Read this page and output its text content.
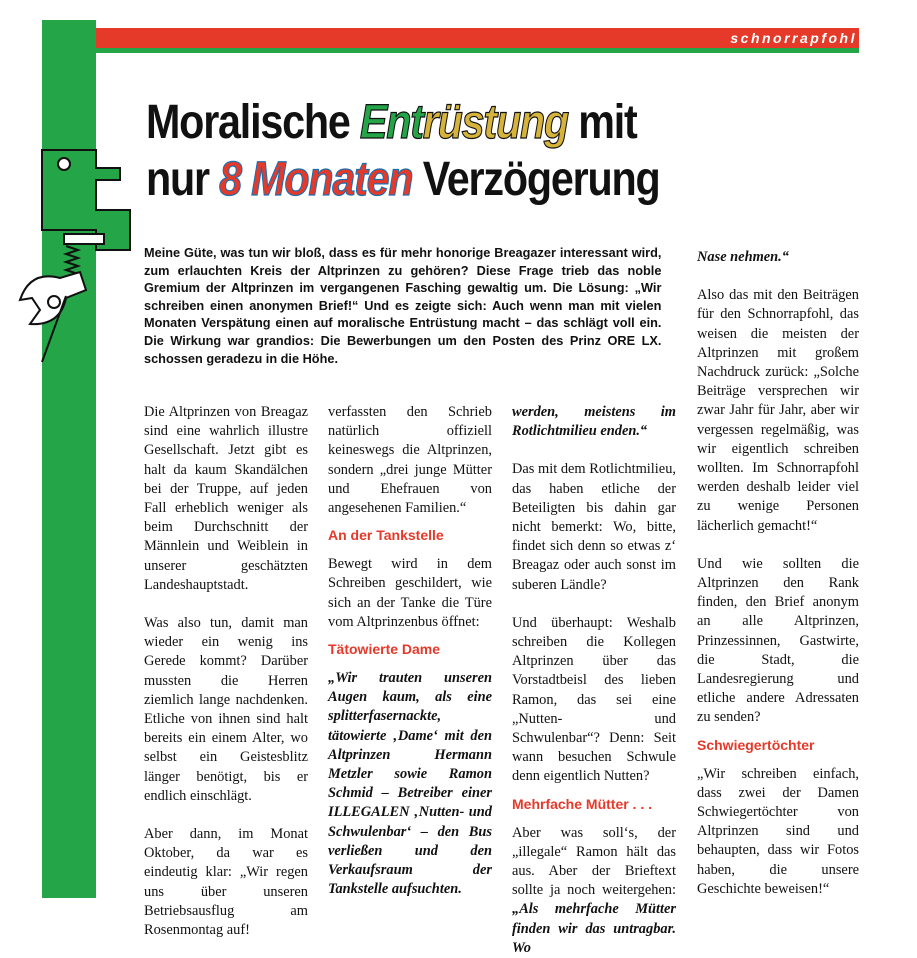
schnorrapfohl
Moralische Entrüstung mit
nur 8 Monaten Verzögerung

Meine Güte, was tun wir bloß, dass es für mehr honorige Breagazer interessant wird, zum erlauchten Kreis der Altprinzen zu gehören? Diese Frage trieb das noble Gremium der Altprinzen im vergangenen Fasching gewaltig um. Die Lösung: „Wir schreiben einen anonymen Brief!“ Und es zeigte sich: Auch wenn man mit vielen Monaten Verspätung einen auf moralische Entrüstung macht – das schlägt voll ein. Die Wirkung war grandios: Die Bewerbungen um den Posten des Prinz ORE LX. schossen geradezu in die Höhe.

Die Altprinzen von Breagaz sind eine wahrlich illustre Gesellschaft. Jetzt gibt es halt da kaum Skandälchen bei der Truppe, auf jeden Fall erheblich weniger als beim Durchschnitt der Männlein und Weiblein in unserer geschätzten Landeshauptstadt.

Was also tun, damit man wieder ein wenig ins Gerede kommt? Darüber mussten die Herren ziemlich lange nachdenken. Etliche von ihnen sind halt bereits ein einem Alter, wo selbst ein Geistesblitz länger benötigt, bis er endlich einschlägt.

Aber dann, im Monat Oktober, da war es eindeutig klar: „Wir regen uns über unseren Betriebsausflug am Rosenmontag auf!

verfassten den Schrieb natürlich offiziell keineswegs die Altprinzen, sondern „drei junge Mütter und Ehefrauen von angesehenen Familien.“

An der Tankstelle

Bewegt wird in dem Schreiben geschildert, wie sich an der Tanke die Türe vom Altprinzenbus öffnet:

Tätowierte Dame

„Wir trauten unseren Augen kaum, als eine splitterfasernackte, tätowierte ‚Dame‘ mit den Altprinzen Hermann Metzler sowie Ramon Schmid – Betreiber einer ILLEGALEN ‚Nutten- und Schwulenbar‘ – den Bus verließen und den Verkaufsraum der Tankstelle aufsuchten.

werden, meistens im Rotlichtmilieu enden.“

Das mit dem Rotlichtmilieu, das haben etliche der Beteiligten bis dahin gar nicht bemerkt: Wo, bitte, findet sich denn so etwas z‘ Breagaz oder auch sonst im suberen Ländle?

Und überhaupt: Weshalb schreiben die Kollegen Altprinzen über das Vorstadtbeisl des lieben Ramon, das sei eine „Nutten- und Schwulenbar“? Denn: Seit wann besuchen Schwule denn eigentlich Nutten?

Mehrfache Mütter . . .

Aber was soll‘s, der „illegale“ Ramon hält das aus. Aber der Brieftext sollte ja noch weitergehen: „Als mehrfache Mütter finden wir das untragbar. Wo

Nase nehmen.“

Also das mit den Beiträgen für den Schnorrapfohl, das weisen die meisten der Altprinzen mit großem Nachdruck zurück: „Solche Beiträge versprechen wir zwar Jahr für Jahr, aber wir vergessen regelmäßig, was wir eigentlich schreiben wollten. Im Schnorrapfohl werden deshalb leider viel zu wenige Personen lächerlich gemacht!“

Und wie sollten die Altprinzen den Rank finden, den Brief anonym an alle Altprinzen, Prinzessinnen, Gastwirte, die Stadt, die Landesregierung und etliche andere Adressaten zu senden?

Schwiegertöchter

„Wir schreiben einfach, dass zwei der Damen Schwiegertöchter von Altprinzen sind und behaupten, dass wir Fotos haben, die unsere Geschichte beweisen!“
